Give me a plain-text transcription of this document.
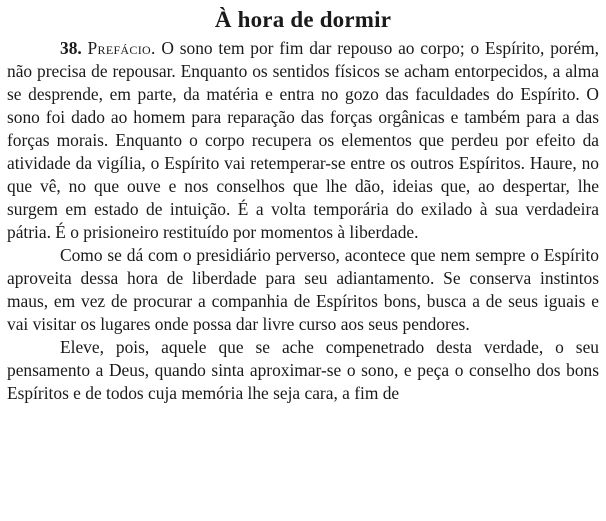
À hora de dormir

38. Prefácio. O sono tem por fim dar repouso ao corpo; o Espírito, porém, não precisa de repousar. Enquanto os sentidos físicos se acham entorpecidos, a alma se desprende, em parte, da matéria e entra no gozo das faculdades do Espírito. O sono foi dado ao homem para reparação das forças orgânicas e também para a das forças morais. Enquanto o corpo recupera os elementos que perdeu por efeito da atividade da vigília, o Espírito vai retemperar-se entre os outros Espíritos. Haure, no que vê, no que ouve e nos conselhos que lhe dão, ideias que, ao despertar, lhe surgem em estado de intuição. É a volta temporária do exilado à sua verdadeira pátria. É o prisioneiro restituído por momentos à liberdade.

Como se dá com o presidiário perverso, acontece que nem sempre o Espírito aproveita dessa hora de liberdade para seu adiantamento. Se conserva instintos maus, em vez de procurar a companhia de Espíritos bons, busca a de seus iguais e vai visitar os lugares onde possa dar livre curso aos seus pendores.

Eleve, pois, aquele que se ache compenetrado desta verdade, o seu pensamento a Deus, quando sinta aproximar-se o sono, e peça o conselho dos bons Espíritos e de todos cuja memória lhe seja cara, a fim de
